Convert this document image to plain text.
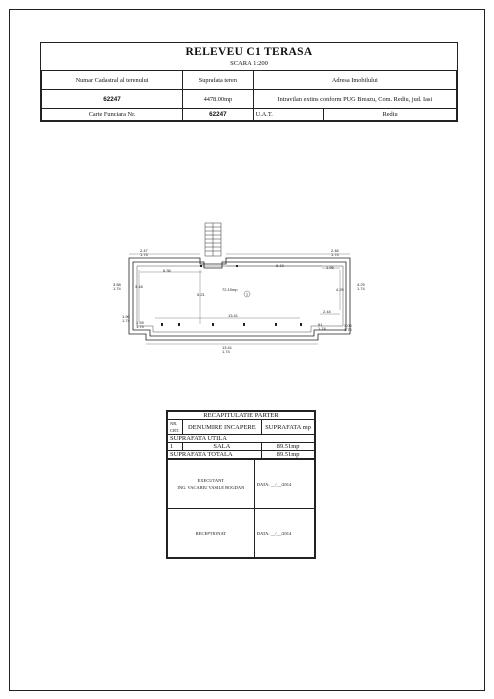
RELEVEU C1 TERASA
SCARA 1:200
Numar Cadastral al terenului	Suprafata teren	Adresa Imobilului	
62247	4478.00mp	Intravilan extins conform PUG Breazu, Com. Rediu, jud. Iasi	
Carte Funciara Nr.	62247	U.A.T.	Rediu
1
72.10mp
2.47
1.74
2.46
1.74
3.58
1.74
4.29
1.74
13.41
1.74
6.36
6.43	1.95
5.21
3.18
4.29
13.41
2.44
1.90
1.74 1.59
1.74	3.04
1.74
61
1.74
RECAPITULATIE PARTER		
NR. CRT.	DENUMIRE INCAPERE	SUPRAFATA mp
SUPRAFATA UTILA		
1	SALA	89.51mp
SUPRAFATA TOTALA		89.51mp
EXECUTANT
ING. VACARIU VASILE BOGDAN	DATA: __/__/2014
RECEPTIONAT	DATA: __/__/2014
